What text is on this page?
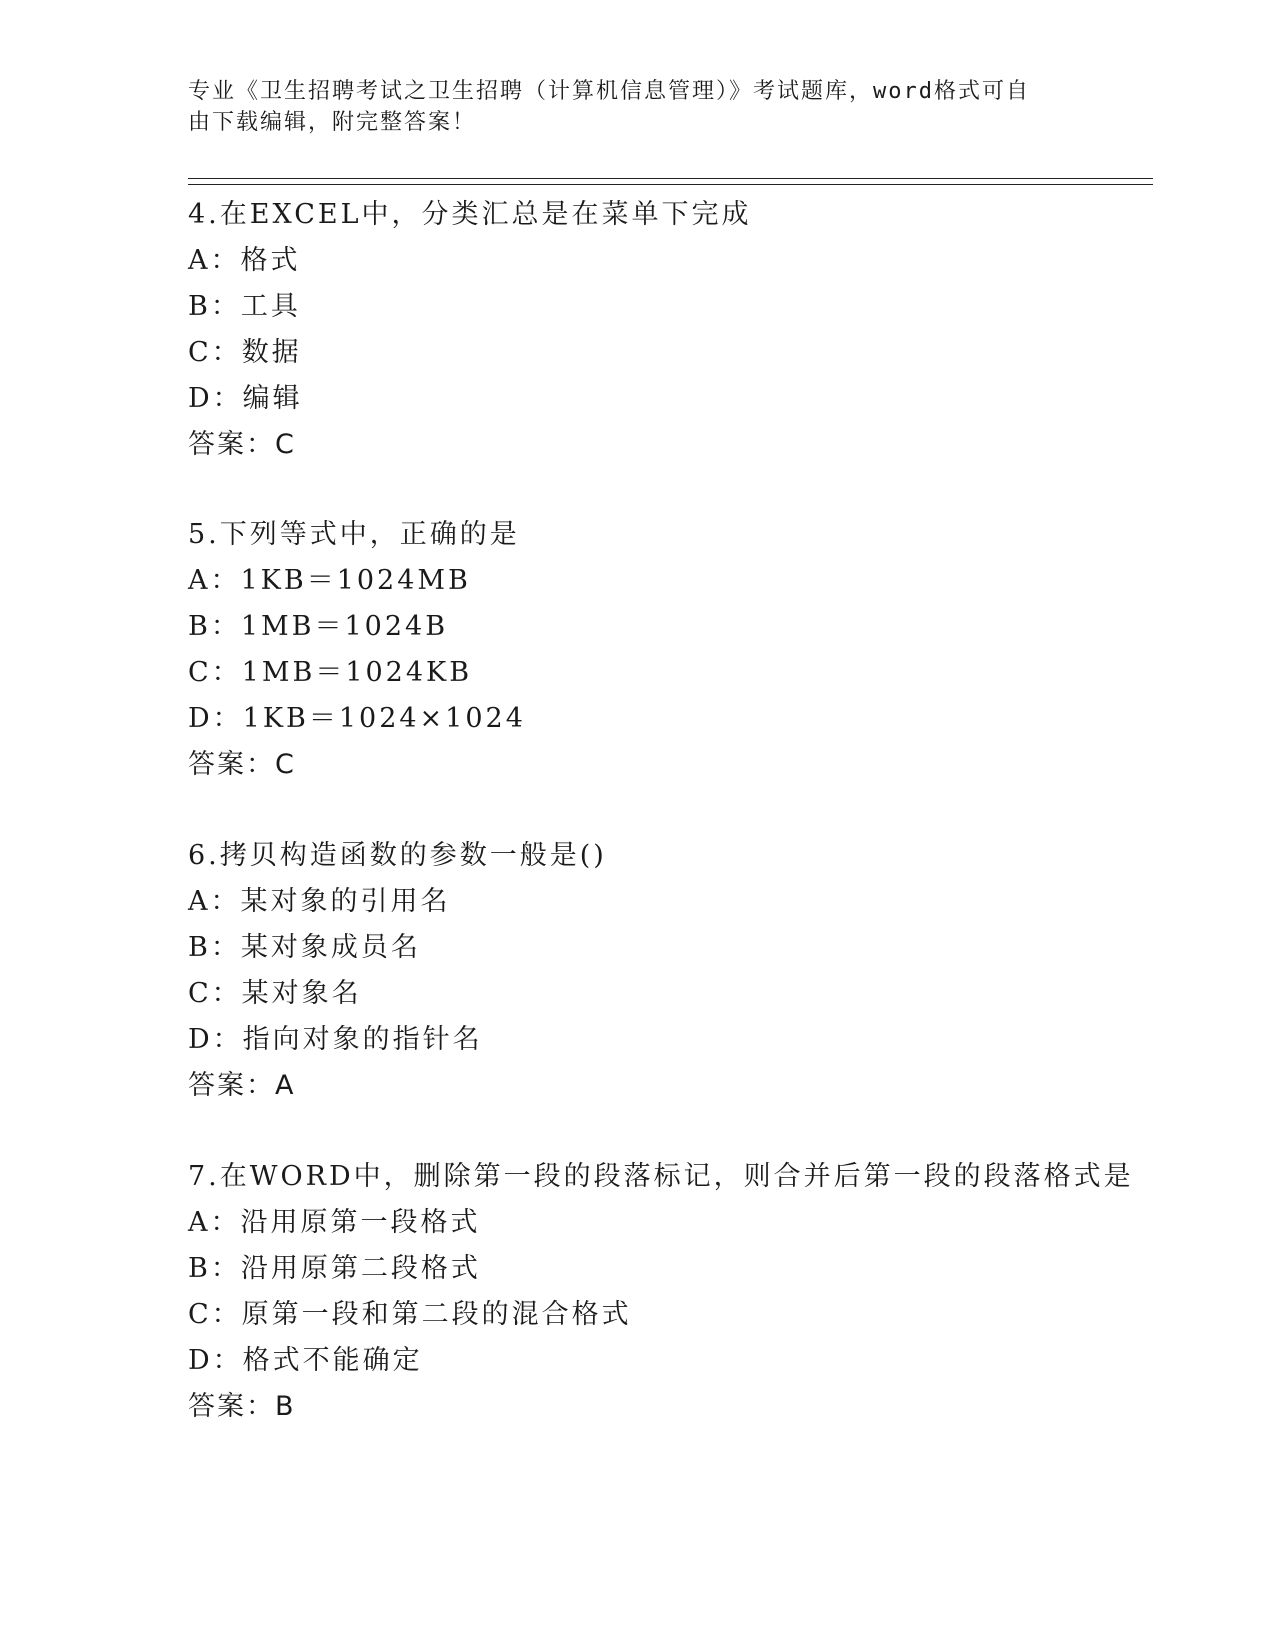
专业《卫生招聘考试之卫生招聘（计算机信息管理）》考试题库，word格式可自
由下载编辑，附完整答案！
4.在EXCEL中，分类汇总是在菜单下完成
A：格式
B：工具
C：数据
D：编辑
答案：C
5.下列等式中，正确的是
A：1KB＝1024MB
B：1MB＝1024B
C：1MB＝1024KB
D：1KB＝1024×1024
答案：C
6.拷贝构造函数的参数一般是()
A：某对象的引用名
B：某对象成员名
C：某对象名
D：指向对象的指针名
答案：A
7.在WORD中，删除第一段的段落标记，则合并后第一段的段落格式是
A：沿用原第一段格式
B：沿用原第二段格式
C：原第一段和第二段的混合格式
D：格式不能确定
答案：B
